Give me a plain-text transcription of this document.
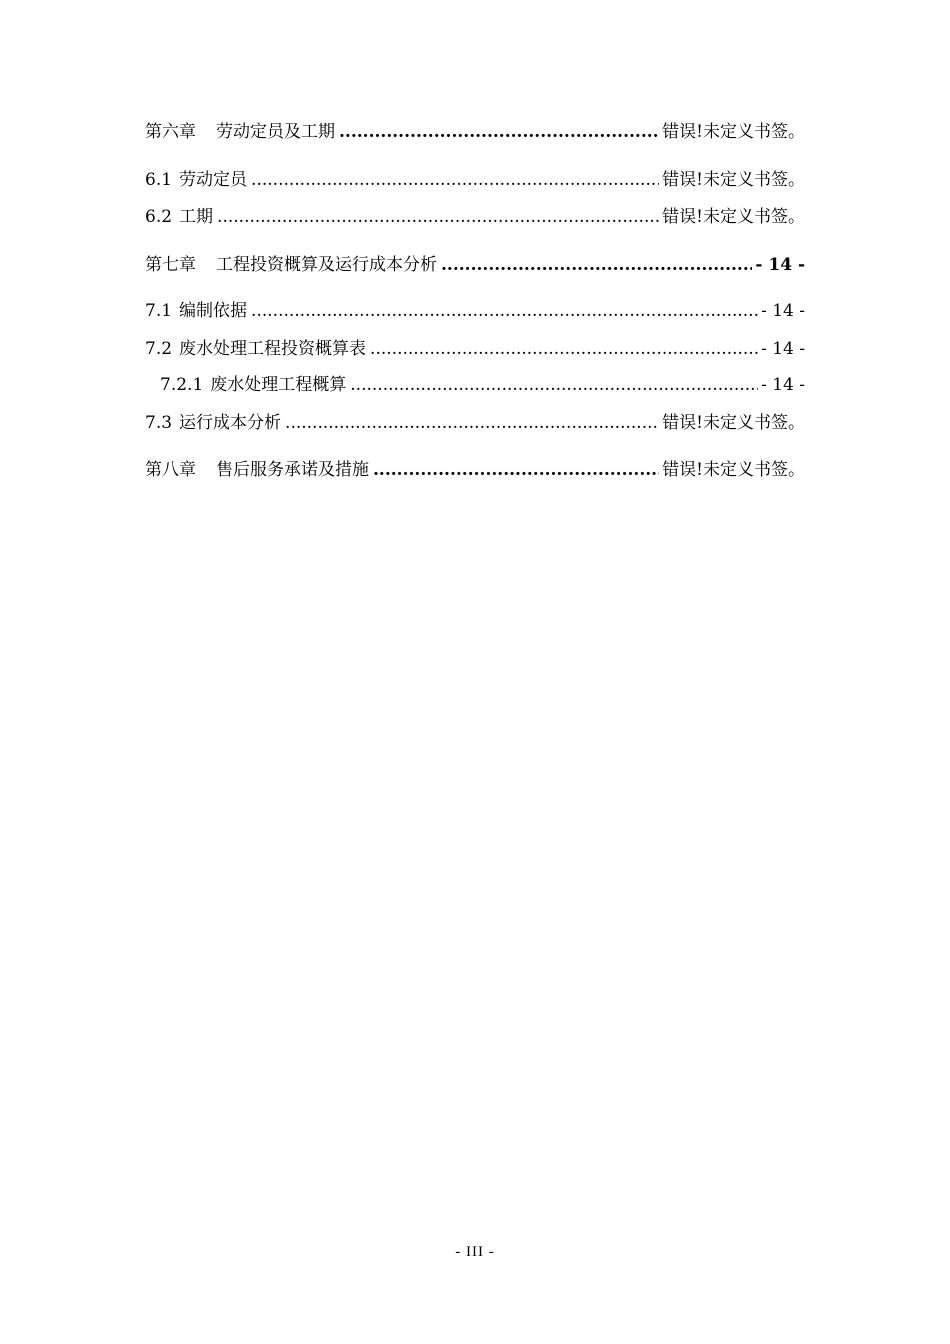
第六章 劳动定员及工期 .....	错误!未定义书签。
6.1 劳动定员 .....	错误!未定义书签。
6.2 工期 .....	错误!未定义书签。
第七章 工程投资概算及运行成本分析 .....	- 14 -
7.1 编制依据 .....	- 14 -
7.2 废水处理工程投资概算表 .....	- 14 -
7.2.1 废水处理工程概算 .....	- 14 -
7.3 运行成本分析 .....	错误!未定义书签。
第八章 售后服务承诺及措施 .....	错误!未定义书签。
- III -
